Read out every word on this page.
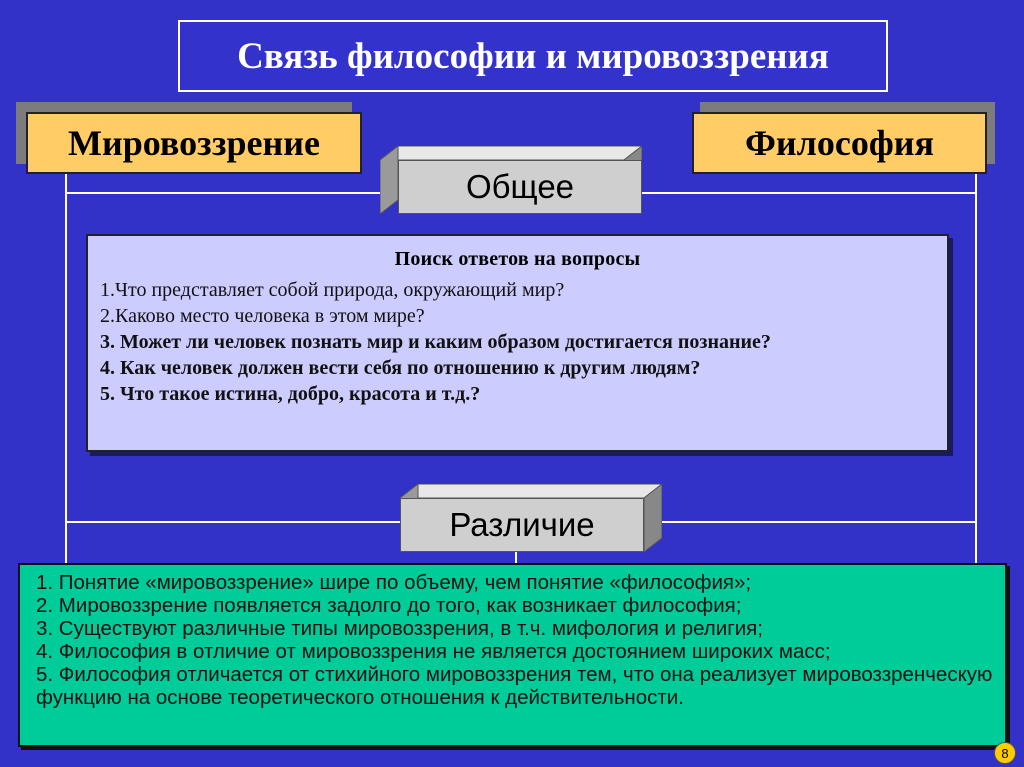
Связь философии и мировоззрения
Мировоззрение	Философия
Общее
Поиск ответов на вопросы
1.Что представляет собой природа, окружающий мир?
2.Каково место человека в этом мире?
3. Может ли человек познать мир и каким образом достигается познание?
4. Как человек должен вести себя по отношению к другим людям?
5. Что такое истина, добро, красота и т.д.?
Различие
1. Понятие «мировоззрение» шире по объему, чем понятие «философия»;
2. Мировоззрение появляется задолго до того, как возникает философия;
3. Существуют различные типы мировоззрения, в т.ч. мифология и религия;
4. Философия в отличие от мировоззрения не является достоянием широких масс;
5. Философия отличается от стихийного мировоззрения тем, что она реализует мировоззренческую функцию на основе теоретического отношения к действительности.
8
